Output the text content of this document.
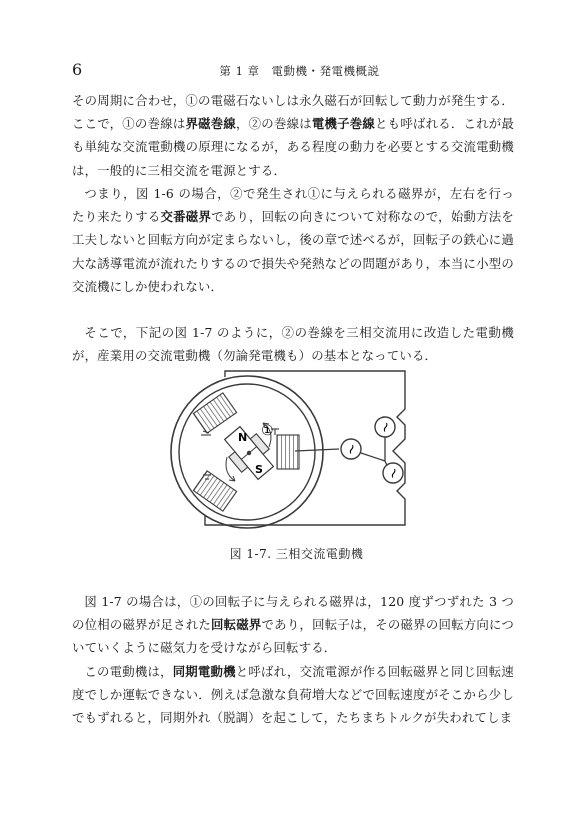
6	第 1 章　電動機・発電機概説

その周期に合わせ，①の電磁石ないしは永久磁石が回転して動力が発生する．ここで，①の巻線は界磁巻線，②の巻線は電機子巻線とも呼ばれる．これが最も単純な交流電動機の原理になるが，ある程度の動力を必要とする交流電動機は，一般的に三相交流を電源とする．

つまり，図 1-6 の場合，②で発生され①に与えられる磁界が，左右を行ったり来たりする交番磁界であり，回転の向きについて対称なので，始動方法を工夫しないと回転方向が定まらないし，後の章で述べるが，回転子の鉄心に過大な誘導電流が流れたりするので損失や発熱などの問題があり，本当に小型の交流機にしか使われない．

そこで，下記の図 1-7 のように，②の巻線を三相交流用に改造した電動機が，産業用の交流電動機（勿論発電機も）の基本となっている．

~
~
~
N
S
①
図 1-7. 三相交流電動機

図 1-7 の場合は，①の回転子に与えられる磁界は，120 度ずつずれた 3 つの位相の磁界が足された回転磁界であり，回転子は，その磁界の回転方向についていくように磁気力を受けながら回転する．

この電動機は，同期電動機と呼ばれ，交流電源が作る回転磁界と同じ回転速度でしか運転できない．例えば急激な負荷増大などで回転速度がそこから少しでもずれると，同期外れ（脱調）を起こして，たちまちトルクが失われてしま
